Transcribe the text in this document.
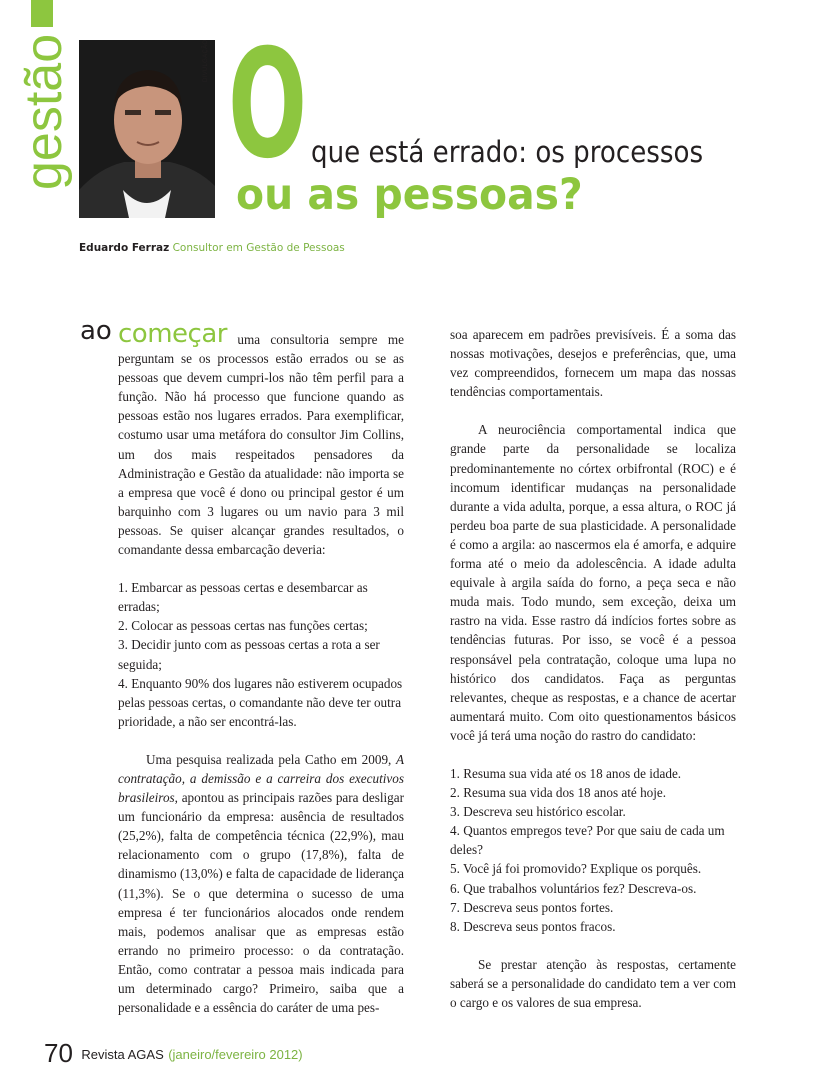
gestão	DIVULGAÇÃO O que está errado: os processos
ou as pessoas?
Eduardo Ferraz Consultor em Gestão de Pessoas

ao começar uma consultoria sempre me perguntam se os processos estão errados ou se as pessoas que devem cumpri-los não têm perfil para a função. Não há processo que funcione quando as pessoas estão nos lugares errados. Para exemplificar, costumo usar uma metáfora do consultor Jim Collins, um dos mais respeitados pensadores da Administração e Gestão da atualidade: não importa se a empresa que você é dono ou principal gestor é um barquinho com 3 lugares ou um navio para 3 mil pessoas. Se quiser alcançar grandes resultados, o comandante dessa embarcação deveria:

1. Embarcar as pessoas certas e desembarcar as erradas;
2. Colocar as pessoas certas nas funções certas;
3. Decidir junto com as pessoas certas a rota a ser seguida;
4. Enquanto 90% dos lugares não estiverem ocupados pelas pessoas certas, o comandante não deve ter outra prioridade, a não ser encontrá-las.

Uma pesquisa realizada pela Catho em 2009, A contratação, a demissão e a carreira dos executivos brasileiros, apontou as principais razões para desligar um funcionário da empresa: ausência de resultados (25,2%), falta de competência técnica (22,9%), mau relacionamento com o grupo (17,8%), falta de dinamismo (13,0%) e falta de capacidade de liderança (11,3%). Se o que determina o sucesso de uma empresa é ter funcionários alocados onde rendem mais, podemos analisar que as empresas estão errando no primeiro processo: o da contratação. Então, como contratar a pessoa mais indicada para um determinado cargo? Primeiro, saiba que a personalidade e a essência do caráter de uma pes-

soa aparecem em padrões previsíveis. É a soma das nossas motivações, desejos e preferências, que, uma vez compreendidos, fornecem um mapa das nossas tendências comportamentais.

A neurociência comportamental indica que grande parte da personalidade se localiza predominantemente no córtex orbifrontal (ROC) e é incomum identificar mudanças na personalidade durante a vida adulta, porque, a essa altura, o ROC já perdeu boa parte de sua plasticidade. A personalidade é como a argila: ao nascermos ela é amorfa, e adquire forma até o meio da adolescência. A idade adulta equivale à argila saída do forno, a peça seca e não muda mais. Todo mundo, sem exceção, deixa um rastro na vida. Esse rastro dá indícios fortes sobre as tendências futuras. Por isso, se você é a pessoa responsável pela contratação, coloque uma lupa no histórico dos candidatos. Faça as perguntas relevantes, cheque as respostas, e a chance de acertar aumentará muito. Com oito questionamentos básicos você já terá uma noção do rastro do candidato:

1. Resuma sua vida até os 18 anos de idade.
2. Resuma sua vida dos 18 anos até hoje.
3. Descreva seu histórico escolar.
4. Quantos empregos teve? Por que saiu de cada um deles?
5. Você já foi promovido? Explique os porquês.
6. Que trabalhos voluntários fez? Descreva-os.
7. Descreva seus pontos fortes.
8. Descreva seus pontos fracos.

Se prestar atenção às respostas, certamente saberá se a personalidade do candidato tem a ver com o cargo e os valores de sua empresa.

70 Revista AGAS (janeiro/fevereiro 2012)
